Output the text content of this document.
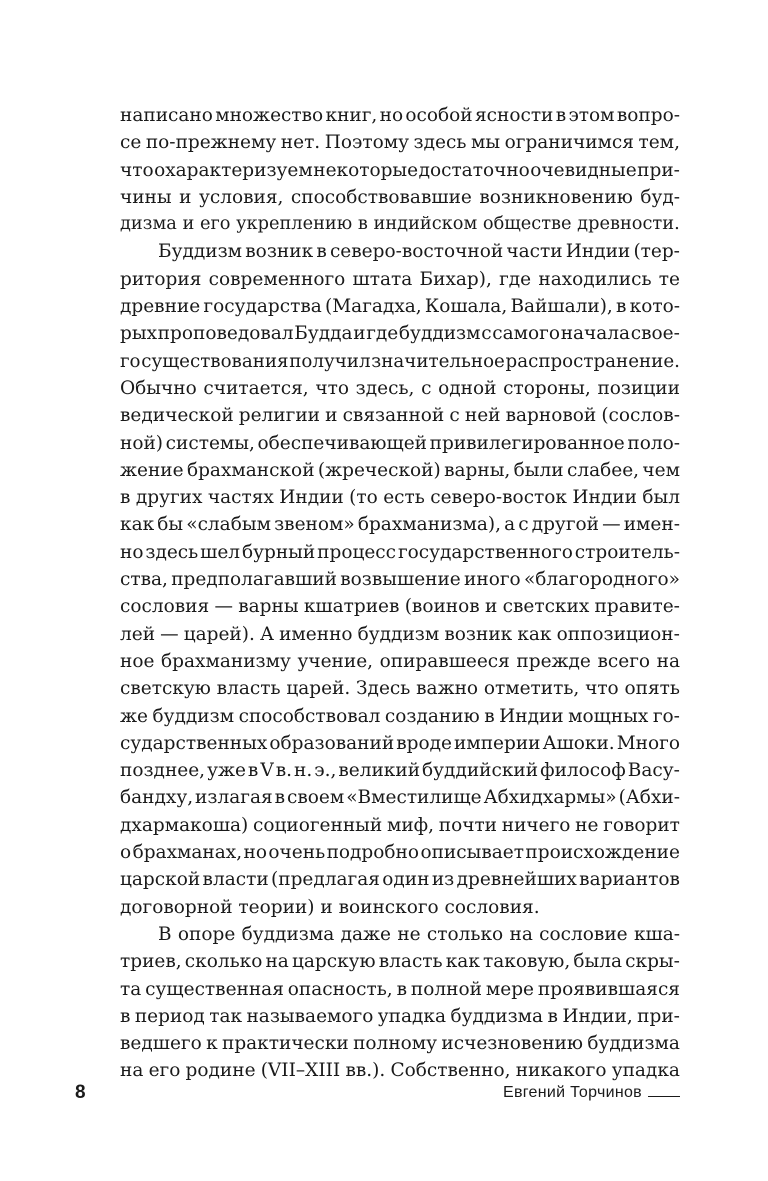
написано множество книг, но особой ясности в этом вопро-
се по-прежнему нет. Поэтому здесь мы ограничимся тем,
что охарактеризуем некоторые достаточно очевидные при-
чины и условия, способствовавшие возникновению буд-
дизма и его укреплению в индийском обществе древности.
Буддизм возник в северо-восточной части Индии (тер-
ритория современного штата Бихар), где находились те
древние государства (Магадха, Кошала, Вайшали), в кото-
рых проповедовал Будда и где буддизм с самого начала свое-
го существования получил значительное распространение.
Обычно считается, что здесь, с одной стороны, позиции
ведической религии и связанной с ней варновой (сослов-
ной) системы, обеспечивающей привилегированное поло-
жение брахманской (жреческой) варны, были слабее, чем
в других частях Индии (то есть северо-восток Индии был
как бы «слабым звеном» брахманизма), а с другой — имен-
но здесь шел бурный процесс государственного строитель-
ства, предполагавший возвышение иного «благородного»
сословия — варны кшатриев (воинов и светских правите-
лей — царей). А именно буддизм возник как оппозицион-
ное брахманизму учение, опиравшееся прежде всего на
светскую власть царей. Здесь важно отметить, что опять
же буддизм способствовал созданию в Индии мощных го-
сударственных образований вроде империи Ашоки. Много
позднее, уже в V в. н. э., великий буддийский философ Васу-
бандху, излагая в своем «Вместилище Абхидхармы» (Абхи-
дхармакоша) социогенный миф, почти ничего не говорит
о брахманах, но очень подробно описывает происхождение
царской власти (предлагая один из древнейших вариантов
договорной теории) и воинского сословия.
В опоре буддизма даже не столько на сословие кша-
триев, сколько на царскую власть как таковую, была скры-
та существенная опасность, в полной мере проявившаяся
в период так называемого упадка буддизма в Индии, при-
ведшего к практически полному исчезновению буддизма
на его родине (VII–XIII вв.). Собственно, никакого упадка
8	Евгений Торчинов
